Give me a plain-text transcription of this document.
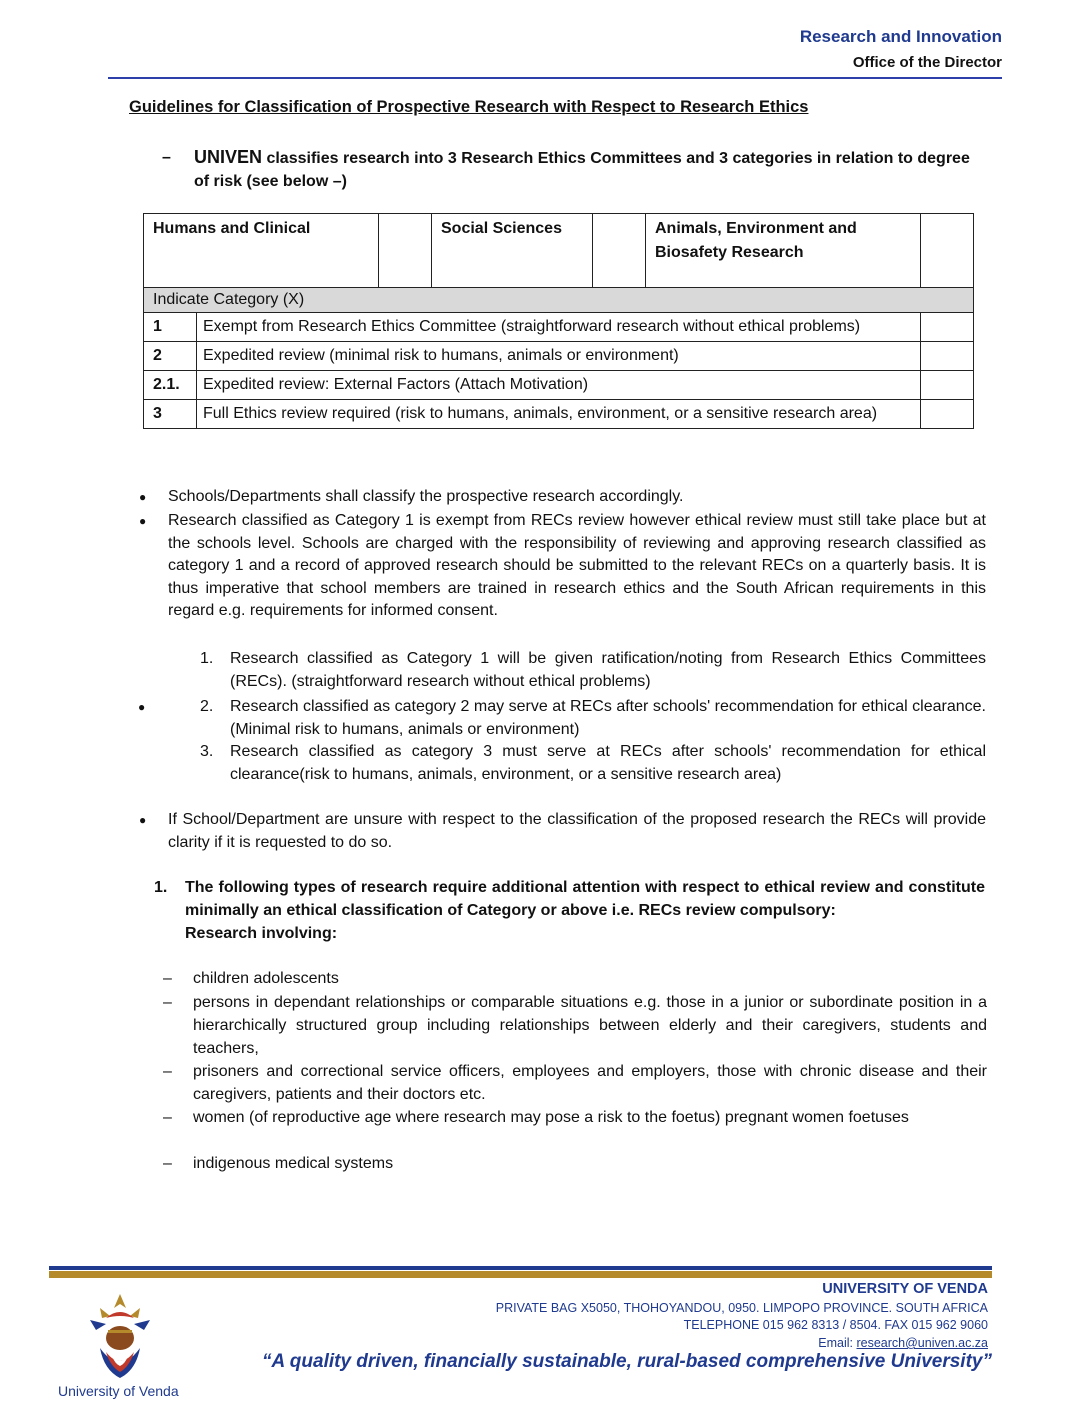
Research and Innovation
Office of the Director
Guidelines for Classification of Prospective Research with Respect to Research Ethics
– UNIVEN classifies research into 3 Research Ethics Committees and 3 categories in relation to degree of risk (see below –)
Humans and Clinical			Social Sciences		Animals, Environment and Biosafety Research	
Indicate Category (X)						
1	Exempt from Research Ethics Committee (straightforward research without ethical problems)					
2	Expedited review (minimal risk to humans, animals or environment)					
2.1.	Expedited review: External Factors (Attach Motivation)					
3	Full Ethics review required (risk to humans, animals, environment, or a sensitive research area)					
● Schools/Departments shall classify the prospective research accordingly.
● Research classified as Category 1 is exempt from RECs review however ethical review must still take place but at the schools level. Schools are charged with the responsibility of reviewing and approving research classified as category 1 and a record of approved research should be submitted to the relevant RECs on a quarterly basis. It is thus imperative that school members are trained in research ethics and the South African requirements in this regard e.g. requirements for informed consent.
1. Research classified as Category 1 will be given ratification/noting from Research Ethics Committees (RECs). (straightforward research without ethical problems)
●	2. Research classified as category 2 may serve at RECs after schools' recommendation for ethical clearance. (Minimal risk to humans, animals or environment)
3. Research classified as category 3 must serve at RECs after schools' recommendation for ethical clearance(risk to humans, animals, environment, or a sensitive research area)
● If School/Department are unsure with respect to the classification of the proposed research the RECs will provide clarity if it is requested to do so.
1. The following types of research require additional attention with respect to ethical review and constitute minimally an ethical classification of Category or above i.e. RECs review compulsory:
Research involving:
– children adolescents
– persons in dependant relationships or comparable situations e.g. those in a junior or subordinate position in a hierarchically structured group including relationships between elderly and their caregivers, students and teachers,
– prisoners and correctional service officers, employees and employers, those with chronic disease and their caregivers, patients and their doctors etc.
– women (of reproductive age where research may pose a risk to the foetus) pregnant women foetuses
– indigenous medical systems
University of Venda
UNIVERSITY OF VENDA
PRIVATE BAG X5050, THOHOYANDOU, 0950. LIMPOPO PROVINCE. SOUTH AFRICA
TELEPHONE 015 962 8313 / 8504. FAX 015 962 9060
Email: research@univen.ac.za
“A quality driven, financially sustainable, rural-based comprehensive University”
